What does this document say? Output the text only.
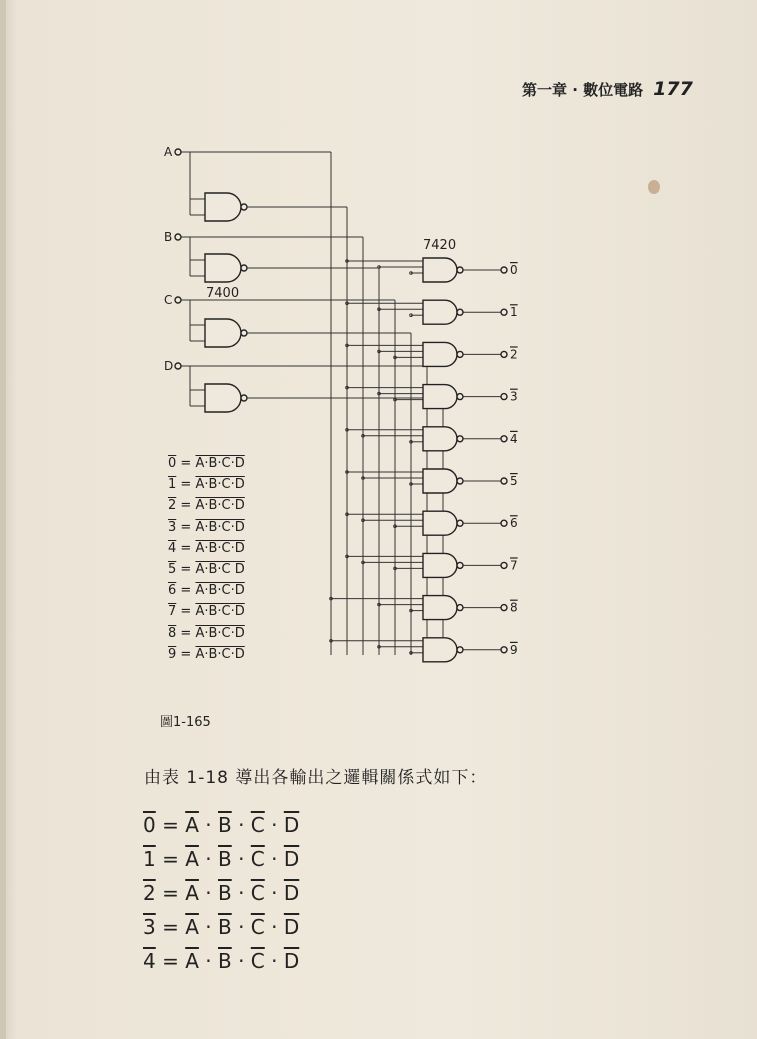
第一章 · 數位電路 177
A
B
C
D
7400
7420
0
1
2
3
4
5
6
7
8
9
0 = A·B·C·D
1 = A·B·C·D
2 = A·B·C·D
3 = A·B·C·D
4 = A·B·C·D
5 = A·B·C D
6 = A·B·C·D
7 = A·B·C·D
8 = A·B·C·D
9 = A·B·C·D
圖1-165
由表 1-18 導出各輸出之邏輯關係式如下：
$0 = \overline{A} \cdot \overline{B} \cdot \overline{C} \cdot \overline{D}$
$1 = \overline{A} \cdot \overline{B} \cdot \overline{C} \cdot \overline{D}$
$2 = \overline{A} \cdot \overline{B} \cdot \overline{C} \cdot \overline{D}$
$3 = \overline{A} \cdot \overline{B} \cdot \overline{C} \cdot \overline{D}$
$4 = \overline{A} \cdot \overline{B} \cdot \overline{C} \cdot \overline{D}$
